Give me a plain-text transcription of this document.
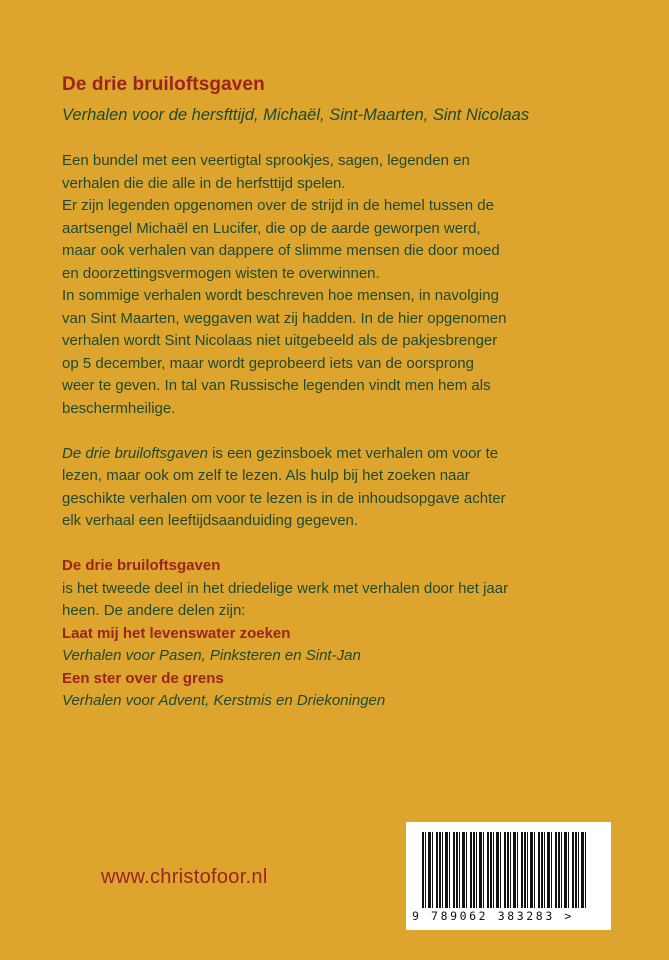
De drie bruiloftsgaven
Verhalen voor de hersfttijd, Michaël, Sint-Maarten, Sint Nicolaas
Een bundel met een veertigtal sprookjes, sagen, legenden en
verhalen die die alle in de herfsttijd spelen.
Er zijn legenden opgenomen over de strijd in de hemel tussen de
aartsengel Michaël en Lucifer, die op de aarde geworpen werd,
maar ook verhalen van dappere of slimme mensen die door moed
en doorzettingsvermogen wisten te overwinnen.
In sommige verhalen wordt beschreven hoe mensen, in navolging
van Sint Maarten, weggaven wat zij hadden. In de hier opgenomen
verhalen wordt Sint Nicolaas niet uitgebeeld als de pakjesbrenger
op 5 december, maar wordt geprobeerd iets van de oorsprong
weer te geven. In tal van Russische legenden vindt men hem als
beschermheilige.
De drie bruiloftsgaven is een gezinsboek met verhalen om voor te
lezen, maar ook om zelf te lezen. Als hulp bij het zoeken naar
geschikte verhalen om voor te lezen is in de inhoudsopgave achter
elk verhaal een leeftijdsaanduiding gegeven.
De drie bruiloftsgaven
is het tweede deel in het driedelige werk met verhalen door het jaar
heen. De andere delen zijn:
Laat mij het levenswater zoeken
Verhalen voor Pasen, Pinksteren en Sint-Jan
Een ster over de grens
Verhalen voor Advent, Kerstmis en Driekoningen
www.christofoor.nl
9 789062 383283 >
